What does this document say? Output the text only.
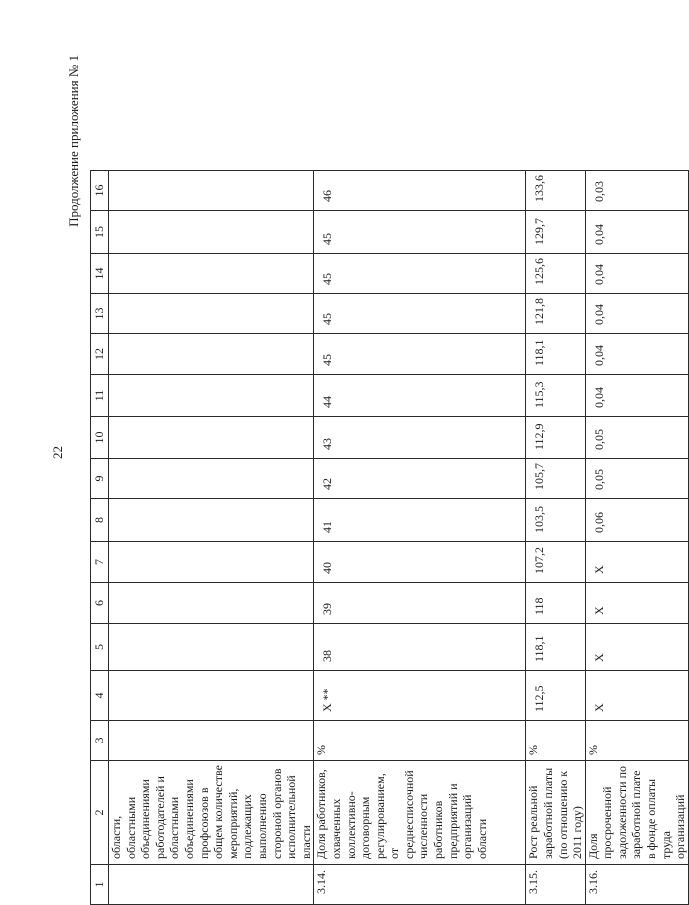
22
Продолжение приложения № 1
1	2	3	4	5	6	7	8	9	10	11	12	13	14	15	16
	области, областными объединениями работодателей и областными объединениями профсоюзов в общем количестве мероприятий, подлежащих выполнению стороной органов исполнительной власти														
3.14.	Доля работников, охваченных коллективно-договорным регулированием, от среднесписочной численности работников предприятий и организаций области	%	X **	38	39	40	41	42	43	44	45	45	45	45	46
3.15.	Рост реальной заработной платы (по отношению к 2011 году)	%	112,5	118,1	118	107,2	103,5	105,7	112,9	115,3	118,1	121,8	125,6	129,7	133,6
3.16.	Доля просроченной задолженности по заработной плате в фонде оплаты труда организаций	%	X	X	X	X	0,06	0,05	0,05	0,04	0,04	0,04	0,04	0,04	0,03
